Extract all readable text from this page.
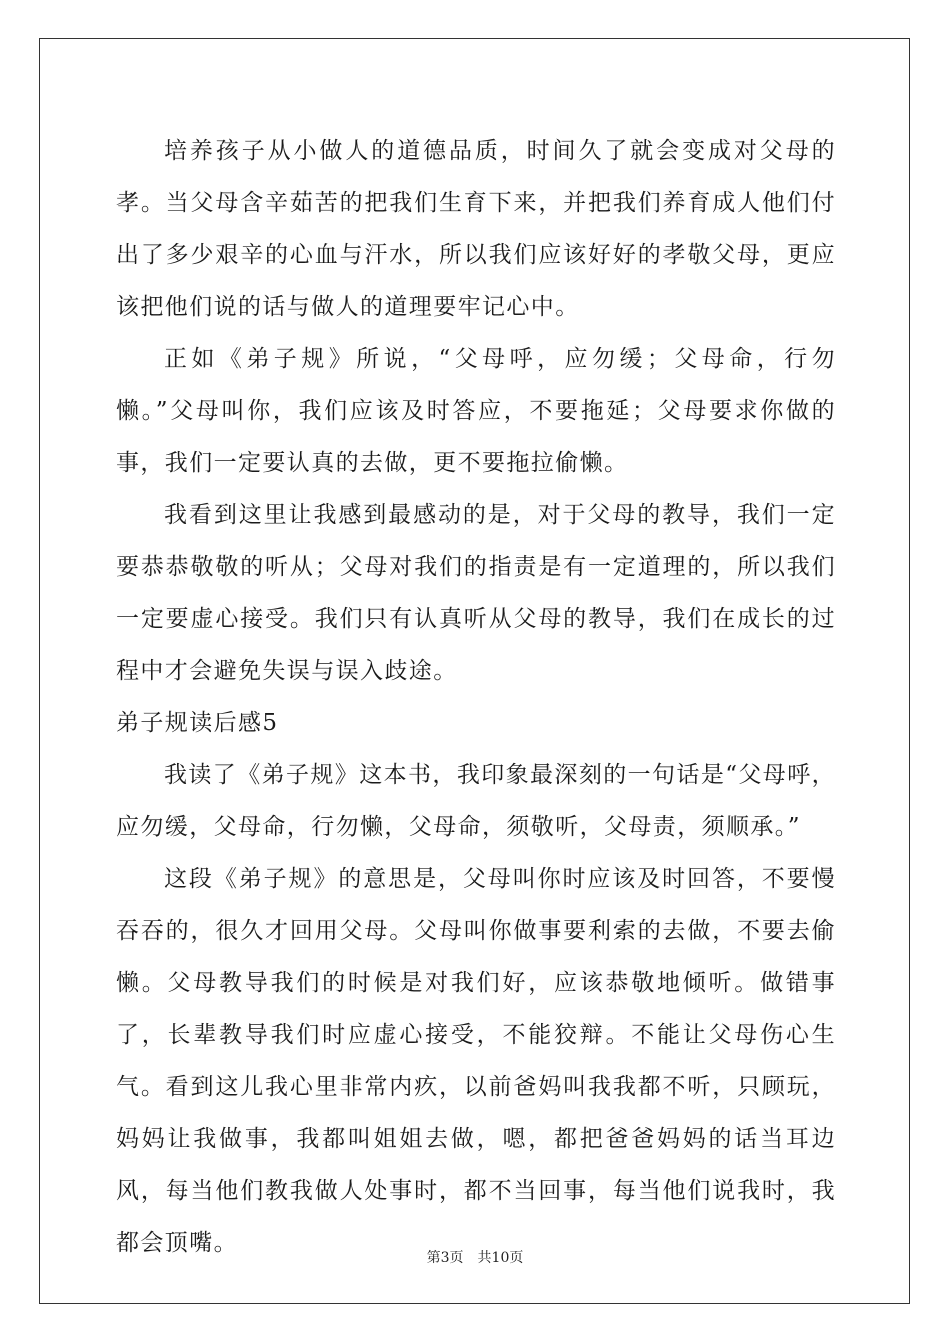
培养孩子从小做人的道德品质，时间久了就会变成对父母的孝。当父母含辛茹苦的把我们生育下来，并把我们养育成人他们付出了多少艰辛的心血与汗水，所以我们应该好好的孝敬父母，更应该把他们说的话与做人的道理要牢记心中。

正如《弟子规》所说，“父母呼，应勿缓；父母命，行勿懒。”父母叫你，我们应该及时答应，不要拖延；父母要求你做的事，我们一定要认真的去做，更不要拖拉偷懒。

我看到这里让我感到最感动的是，对于父母的教导，我们一定要恭恭敬敬的听从；父母对我们的指责是有一定道理的，所以我们一定要虚心接受。我们只有认真听从父母的教导，我们在成长的过程中才会避免失误与误入歧途。

弟子规读后感5

我读了《弟子规》这本书，我印象最深刻的一句话是“父母呼，应勿缓，父母命，行勿懒，父母命，须敬听，父母责，须顺承。”

这段《弟子规》的意思是，父母叫你时应该及时回答，不要慢吞吞的，很久才回用父母。父母叫你做事要利索的去做，不要去偷懒。父母教导我们的时候是对我们好，应该恭敬地倾听。做错事了，长辈教导我们时应虚心接受，不能狡辩。不能让父母伤心生气。看到这儿我心里非常内疚，以前爸妈叫我我都不听，只顾玩，妈妈让我做事，我都叫姐姐去做，嗯，都把爸爸妈妈的话当耳边风，每当他们教我做人处事时，都不当回事，每当他们说我时，我都会顶嘴。

第3页 共10页
